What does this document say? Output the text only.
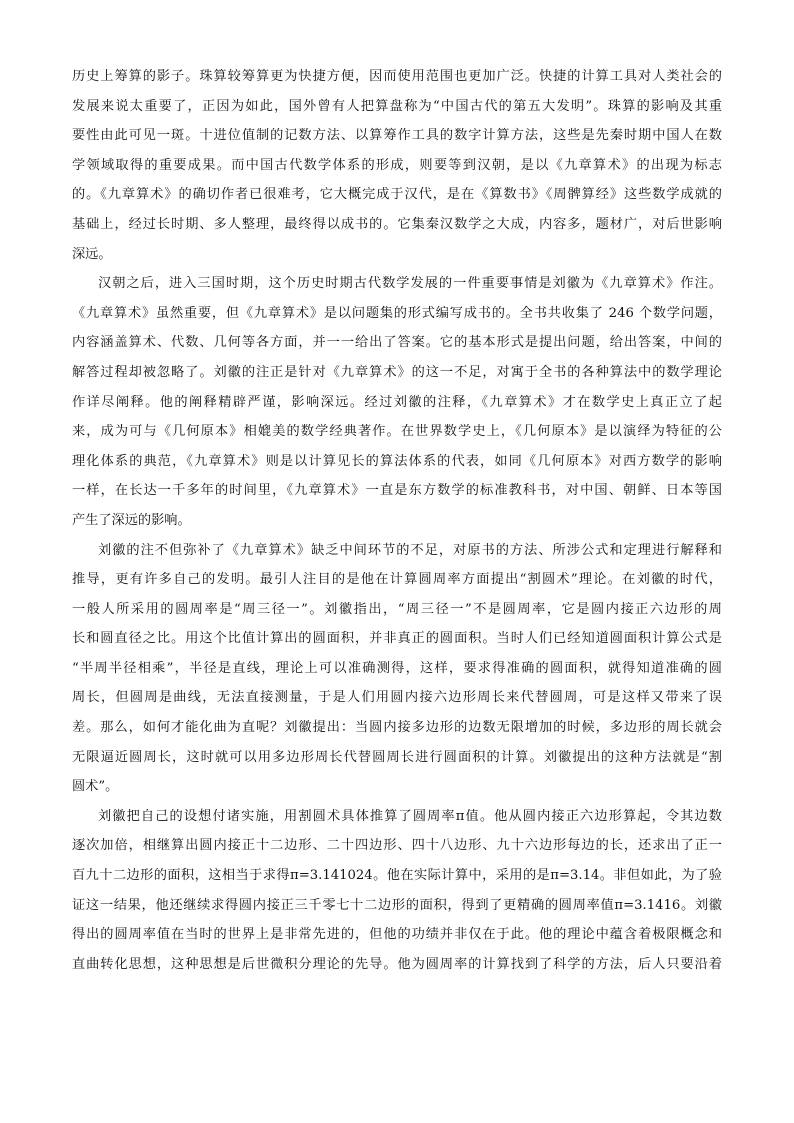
历史上筹算的影子。珠算较筹算更为快捷方便，因而使用范围也更加广泛。快捷的计算工具对人类社会的
发展来说太重要了，正因为如此，国外曾有人把算盘称为“中国古代的第五大发明”。珠算的影响及其重
要性由此可见一斑。十进位值制的记数方法、以算筹作工具的数字计算方法，这些是先秦时期中国人在数
学领域取得的重要成果。而中国古代数学体系的形成，则要等到汉朝，是以《九章算术》的出现为标志
的。《九章算术》的确切作者已很难考，它大概完成于汉代，是在《算数书》《周髀算经》这些数学成就的
基础上，经过长时期、多人整理，最终得以成书的。它集秦汉数学之大成，内容多，题材广，对后世影响
深远。
汉朝之后，进入三国时期，这个历史时期古代数学发展的一件重要事情是刘徽为《九章算术》作注。
《九章算术》虽然重要，但《九章算术》是以问题集的形式编写成书的。全书共收集了 246 个数学问题，
内容涵盖算术、代数、几何等各方面，并一一给出了答案。它的基本形式是提出问题，给出答案，中间的
解答过程却被忽略了。刘徽的注正是针对《九章算术》的这一不足，对寓于全书的各种算法中的数学理论
作详尽阐释。他的阐释精辟严谨，影响深远。经过刘徽的注释，《九章算术》才在数学史上真正立了起
来，成为可与《几何原本》相媲美的数学经典著作。在世界数学史上，《几何原本》是以演绎为特征的公
理化体系的典范，《九章算术》则是以计算见长的算法体系的代表，如同《几何原本》对西方数学的影响
一样，在长达一千多年的时间里，《九章算术》一直是东方数学的标准教科书，对中国、朝鲜、日本等国
产生了深远的影响。
刘徽的注不但弥补了《九章算术》缺乏中间环节的不足，对原书的方法、所涉公式和定理进行解释和
推导，更有许多自己的发明。最引人注目的是他在计算圆周率方面提出“割圆术”理论。在刘徽的时代，
一般人所采用的圆周率是“周三径一”。刘徽指出，“周三径一”不是圆周率，它是圆内接正六边形的周
长和圆直径之比。用这个比值计算出的圆面积，并非真正的圆面积。当时人们已经知道圆面积计算公式是
“半周半径相乘”，半径是直线，理论上可以准确测得，这样，要求得准确的圆面积，就得知道准确的圆
周长，但圆周是曲线，无法直接测量，于是人们用圆内接六边形周长来代替圆周，可是这样又带来了误
差。那么，如何才能化曲为直呢？刘徽提出：当圆内接多边形的边数无限增加的时候，多边形的周长就会
无限逼近圆周长，这时就可以用多边形周长代替圆周长进行圆面积的计算。刘徽提出的这种方法就是“割
圆术”。
刘徽把自己的设想付诸实施，用割圆术具体推算了圆周率π值。他从圆内接正六边形算起，令其边数
逐次加倍，相继算出圆内接正十二边形、二十四边形、四十八边形、九十六边形每边的长，还求出了正一
百九十二边形的面积，这相当于求得π=3.141024。他在实际计算中，采用的是π=3.14。非但如此，为了验
证这一结果，他还继续求得圆内接正三千零七十二边形的面积，得到了更精确的圆周率值π=3.1416。刘徽
得出的圆周率值在当时的世界上是非常先进的，但他的功绩并非仅在于此。他的理论中蕴含着极限概念和
直曲转化思想，这种思想是后世微积分理论的先导。他为圆周率的计算找到了科学的方法，后人只要沿着
